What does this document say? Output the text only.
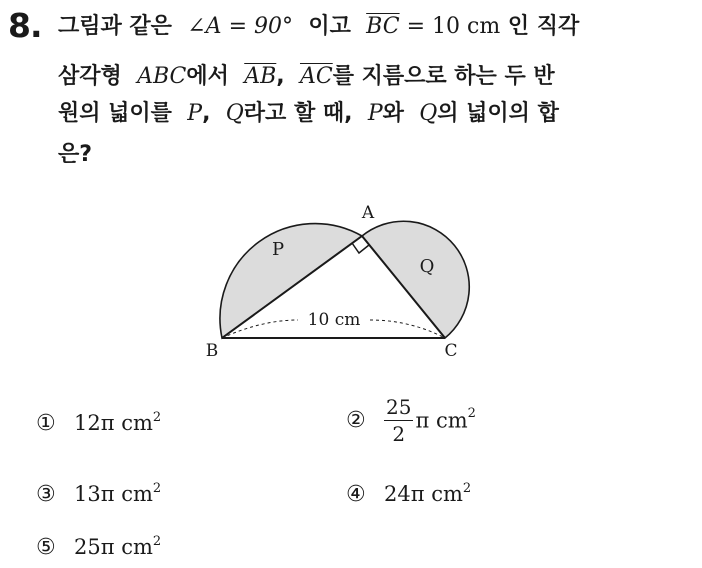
8. 그림과 같은 ∠A = 90° 이고 $\overline{BC} = 10$ cm 인 직각
삼각형 ABC에서 $\overline{AB}$, $\overline{AC}$를 지름으로 하는 두 반
원의 넓이를 P, Q라고 할 때, P와 Q의 넓이의 합
은?
10 cm
A
B	C
P
Q
① 12π $cm^2$	② $\frac{25}{2}$ π $cm^2$
③ 13π $cm^2$	④ 24π $cm^2$
⑤ 25π $cm^2$
